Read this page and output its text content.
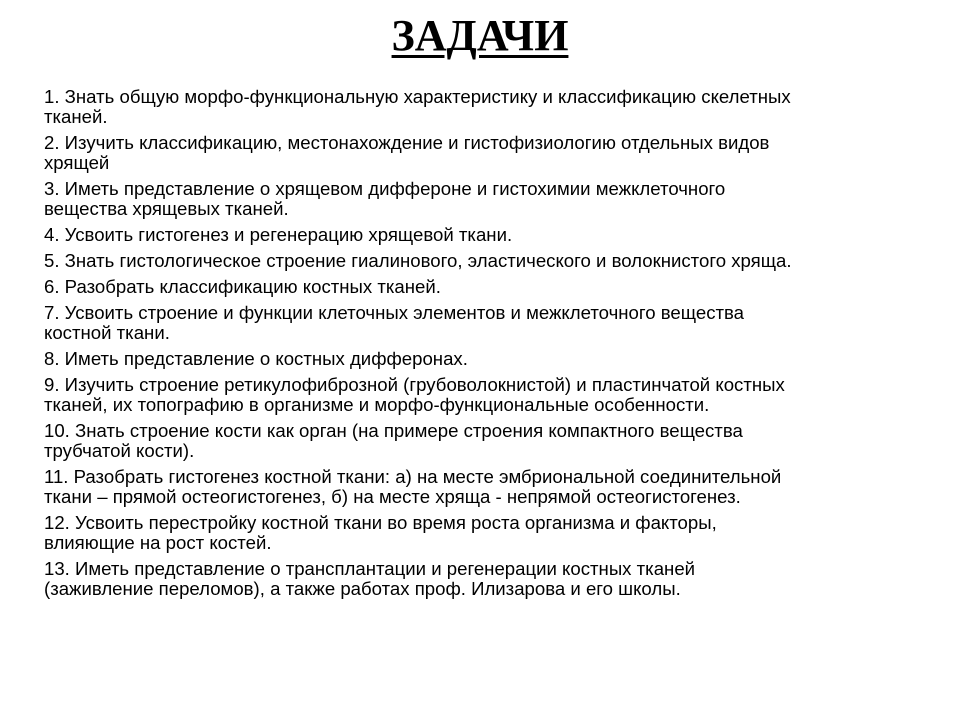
ЗАДАЧИ
1. Знать общую морфо-функциональную характеристику и классификацию скелетных
тканей.
2. Изучить классификацию, местонахождение и гистофизиологию отдельных видов
хрящей
3. Иметь представление о хрящевом диффероне и гистохимии межклеточного
вещества хрящевых тканей.
4. Усвоить гистогенез и регенерацию хрящевой ткани.
5. Знать гистологическое строение гиалинового, эластического и волокнистого хряща.
6. Разобрать классификацию костных тканей.
7. Усвоить строение и функции клеточных элементов и межклеточного вещества
костной ткани.
8. Иметь представление о костных дифферонах.
9. Изучить строение ретикулофиброзной (грубоволокнистой) и пластинчатой костных
тканей, их топографию в организме и морфо-функциональные особенности.
10. Знать строение кости как орган (на примере строения компактного вещества
трубчатой кости).
11. Разобрать гистогенез костной ткани: а) на месте эмбриональной соединительной
ткани – прямой остеогистогенез, б) на месте хряща - непрямой остеогистогенез.
12. Усвоить перестройку костной ткани во время роста организма и факторы,
влияющие на рост костей.
13. Иметь представление о трансплантации и регенерации костных тканей
(заживление переломов), а также работах проф. Илизарова и его школы.
